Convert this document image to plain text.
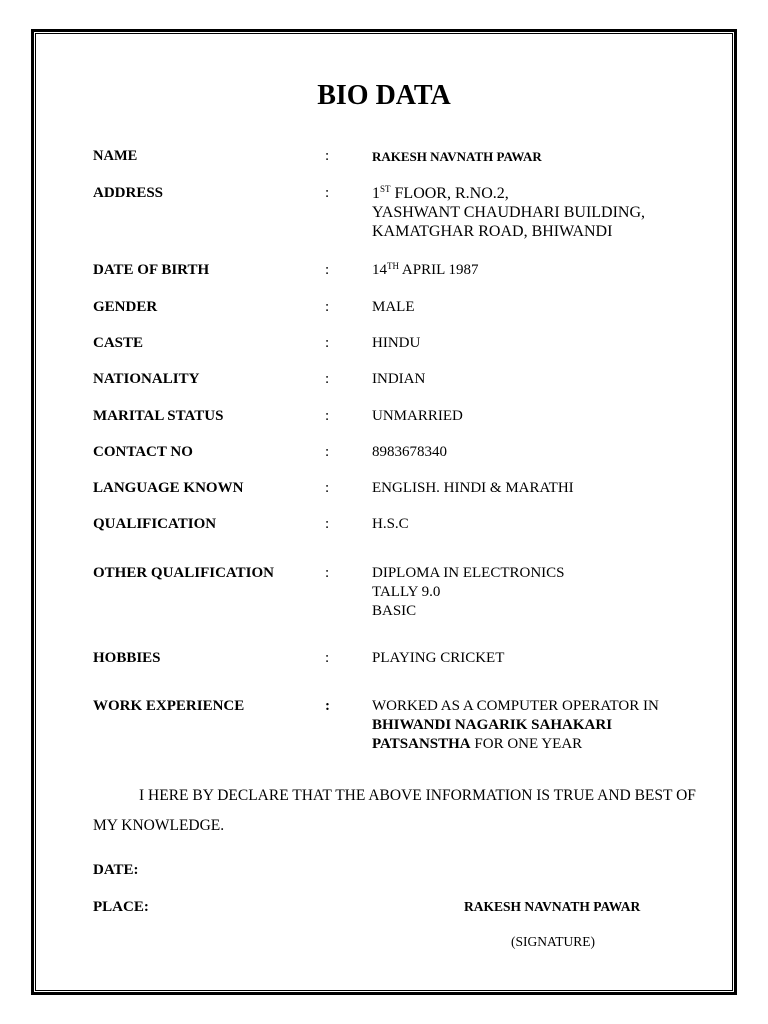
BIO DATA
NAME	:	RAKESH NAVNATH PAWAR
ADDRESS	:	1ST FLOOR, R.NO.2,
YASHWANT CHAUDHARI BUILDING,
KAMATGHAR ROAD, BHIWANDI
DATE OF BIRTH	:	14TH APRIL 1987
GENDER	:	MALE
CASTE	:	HINDU
NATIONALITY	:	INDIAN
MARITAL STATUS	:	UNMARRIED
CONTACT NO	:	8983678340
LANGUAGE KNOWN	:	ENGLISH. HINDI & MARATHI
QUALIFICATION	:	H.S.C
OTHER QUALIFICATION	:	DIPLOMA IN ELECTRONICS
TALLY 9.0
BASIC
HOBBIES	:	PLAYING CRICKET
WORK EXPERIENCE	:	WORKED AS A COMPUTER OPERATOR IN
BHIWANDI NAGARIK SAHAKARI
PATSANSTHA FOR ONE YEAR
I HERE BY DECLARE THAT THE ABOVE INFORMATION IS TRUE AND BEST OF MY KNOWLEDGE.
DATE:
PLACE:	RAKESH NAVNATH PAWAR
(SIGNATURE)
